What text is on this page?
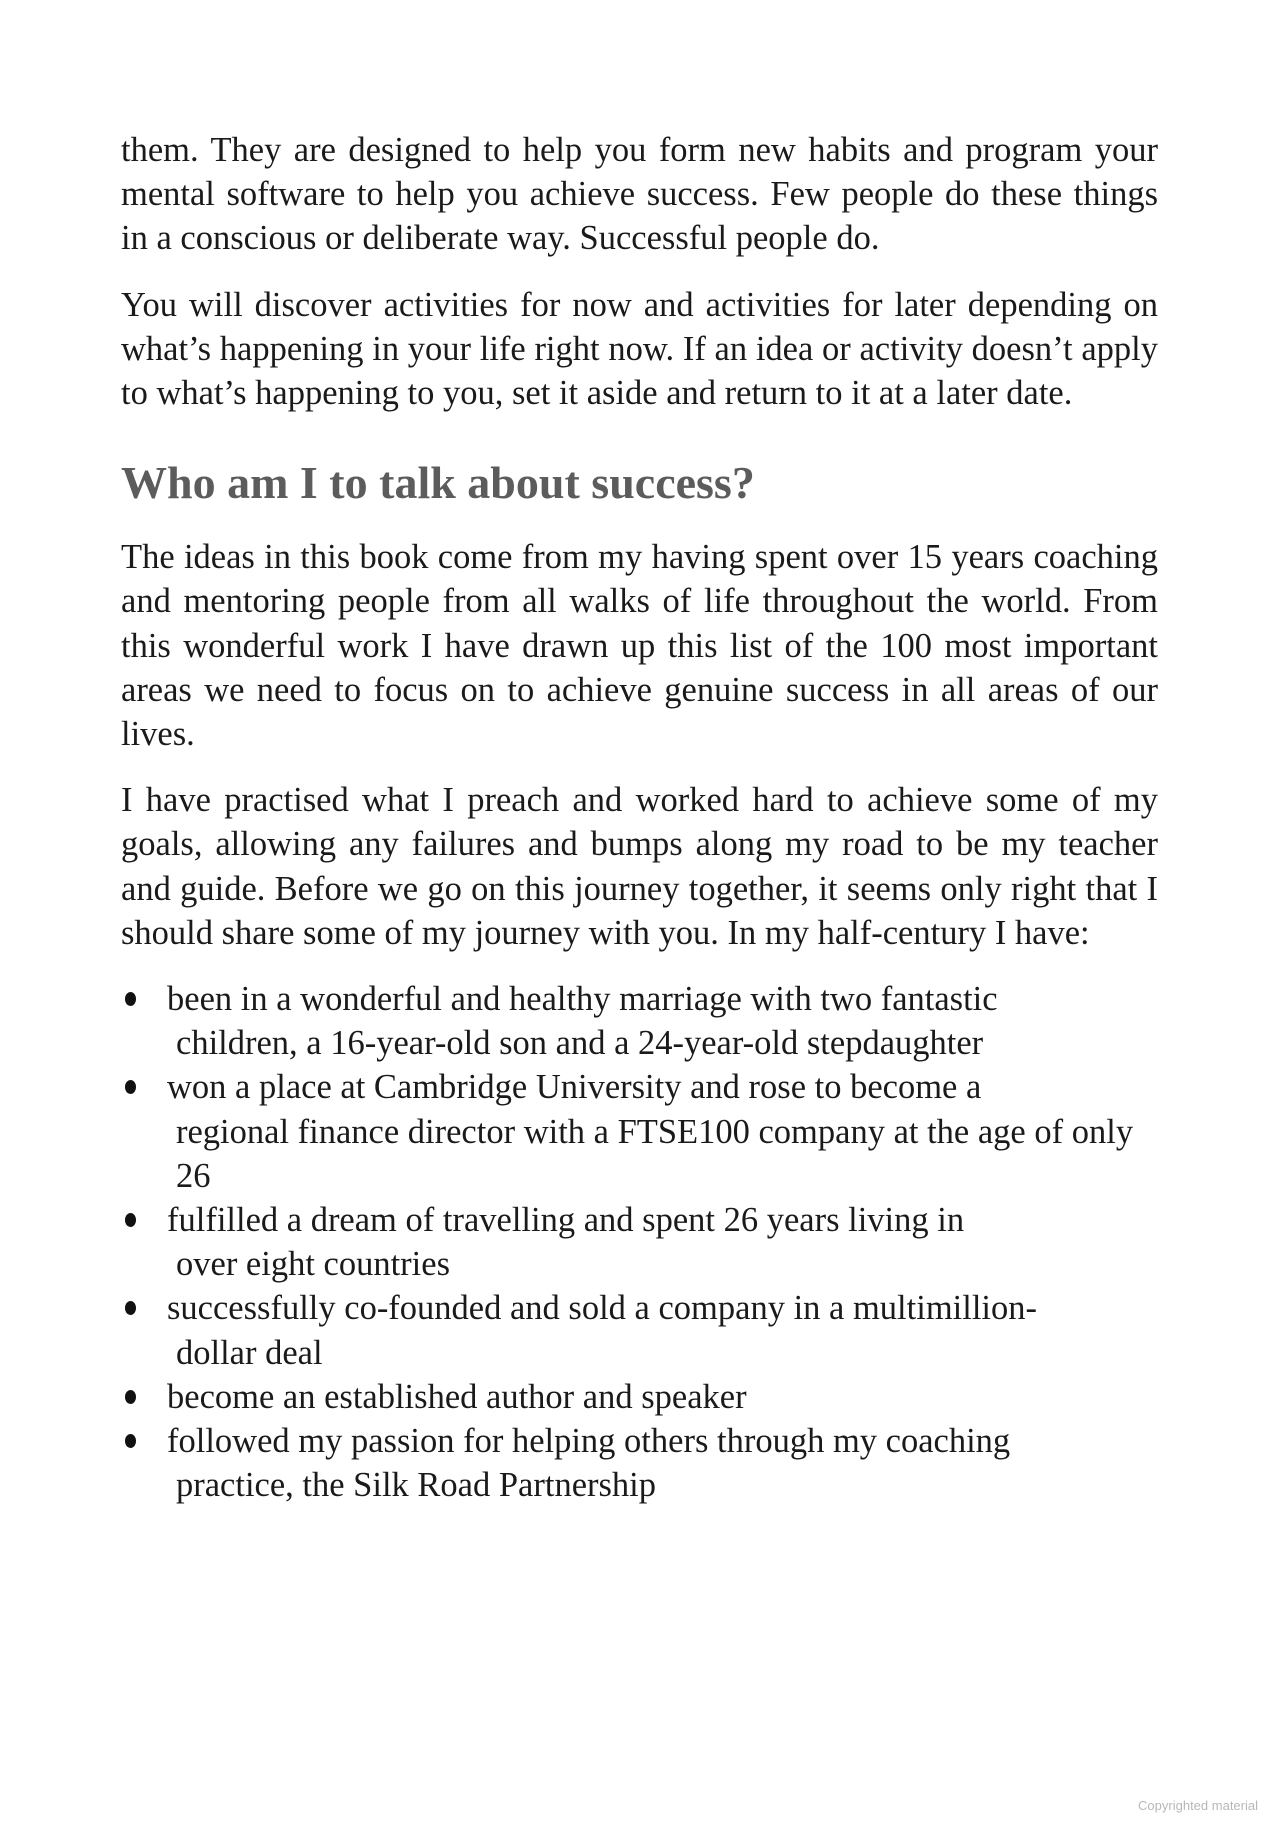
them. They are designed to help you form new habits and program your mental software to help you achieve success. Few people do these things in a conscious or deliberate way. Successful people do.

You will discover activities for now and activities for later depending on what’s happening in your life right now. If an idea or activity doesn’t apply to what’s happening to you, set it aside and return to it at a later date.

Who am I to talk about success?

The ideas in this book come from my having spent over 15 years coaching and mentoring people from all walks of life throughout the world. From this wonderful work I have drawn up this list of the 100 most important areas we need to focus on to achieve genuine success in all areas of our lives.

I have practised what I preach and worked hard to achieve some of my goals, allowing any failures and bumps along my road to be my teacher and guide. Before we go on this journey together, it seems only right that I should share some of my journey with you. In my half-century I have:

been in a wonderful and healthy marriage with two fantastic
children, a 16-year-old son and a 24-year-old stepdaughter
won a place at Cambridge University and rose to become a
regional finance director with a FTSE100 company at the age of only 26
fulfilled a dream of travelling and spent 26 years living in
over eight countries
successfully co-founded and sold a company in a multimillion-
dollar deal
become an established author and speaker
followed my passion for helping others through my coaching
practice, the Silk Road Partnership
Copyrighted material
